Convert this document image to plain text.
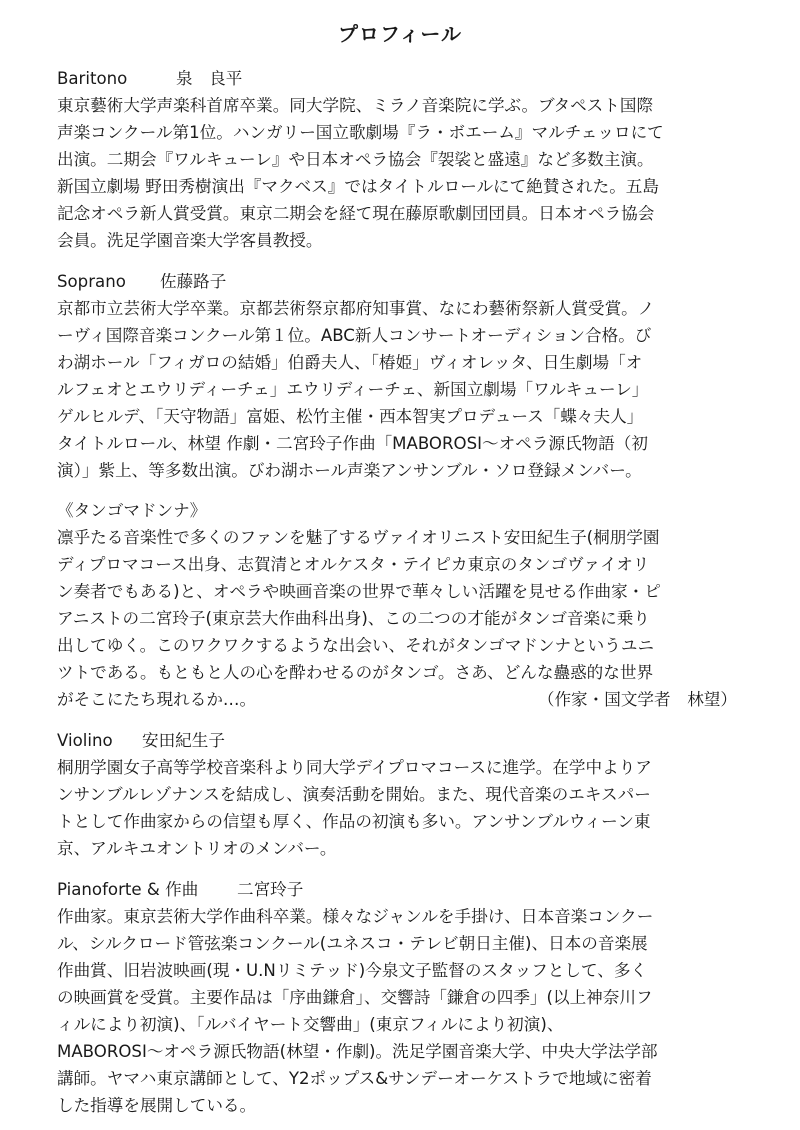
プロフィール
Baritono	泉　良平
東京藝術大学声楽科首席卒業。同大学院、ミラノ音楽院に学ぶ。ブタペスト国際
声楽コンクール第1位。ハンガリー国立歌劇場『ラ・ボエーム』マルチェッロにて
出演。二期会『ワルキューレ』や日本オペラ協会『袈裟と盛遠』など多数主演。
新国立劇場 野田秀樹演出『マクベス』ではタイトルロールにて絶賛された。五島
記念オペラ新人賞受賞。東京二期会を経て現在藤原歌劇団団員。日本オペラ協会
会員。洗足学園音楽大学客員教授。
Soprano	佐藤路子
京都市立芸術大学卒業。京都芸術祭京都府知事賞、なにわ藝術祭新人賞受賞。ノ
ーヴィ国際音楽コンクール第１位。ABC新人コンサートオーディション合格。び
わ湖ホール「フィガロの結婚」伯爵夫人、「椿姫」ヴィオレッタ、日生劇場「オ
ルフェオとエウリディーチェ」エウリディーチェ、新国立劇場「ワルキューレ」
ゲルヒルデ、「天守物語」富姫、松竹主催・西本智実プロデュース「蝶々夫人」
タイトルロール、林望 作劇・二宮玲子作曲「MABOROSI～オペラ源氏物語（初
演）」紫上、等多数出演。びわ湖ホール声楽アンサンブル・ソロ登録メンバー。
《タンゴマドンナ》
凛乎たる音楽性で多くのファンを魅了するヴァイオリニスト安田紀生子(桐朋学園
ディプロマコース出身、志賀清とオルケスタ・テイピカ東京のタンゴヴァイオリ
ン奏者でもある)と、オペラや映画音楽の世界で華々しい活躍を見せる作曲家・ピ
アニストの二宮玲子(東京芸大作曲科出身)、この二つの才能がタンゴ音楽に乗り
出してゆく。このワクワクするような出会い、それがタンゴマドンナというユニ
ツトである。もともと人の心を酔わせるのがタンゴ。さあ、どんな蠱惑的な世界
がそこにたち現れるか…。	（作家・国文学者　林望）
Violino	安田紀生子
桐朋学園女子高等学校音楽科より同大学デイプロマコースに進学。在学中よりア
ンサンブルレゾナンスを結成し、演奏活動を開始。また、現代音楽のエキスパー
トとして作曲家からの信望も厚く、作品の初演も多い。アンサンブルウィーン東
京、アルキユオントリオのメンバー。
Pianoforte & 作曲	二宮玲子
作曲家。東京芸術大学作曲科卒業。様々なジャンルを手掛け、日本音楽コンクー
ル、シルクロード管弦楽コンクール(ユネスコ・テレビ朝日主催)、日本の音楽展
作曲賞、旧岩波映画(現・U.Nリミテッド)今泉文子監督のスタッフとして、多く
の映画賞を受賞。主要作品は「序曲鎌倉」、交響詩「鎌倉の四季」(以上神奈川フ
ィルにより初演)、「ルバイヤート交響曲」(東京フィルにより初演)、
MABOROSI～オペラ源氏物語(林望・作劇)。洗足学園音楽大学、中央大学法学部
講師。ヤマハ東京講師として、Y2ポップス&サンデーオーケストラで地域に密着
した指導を展開している。
